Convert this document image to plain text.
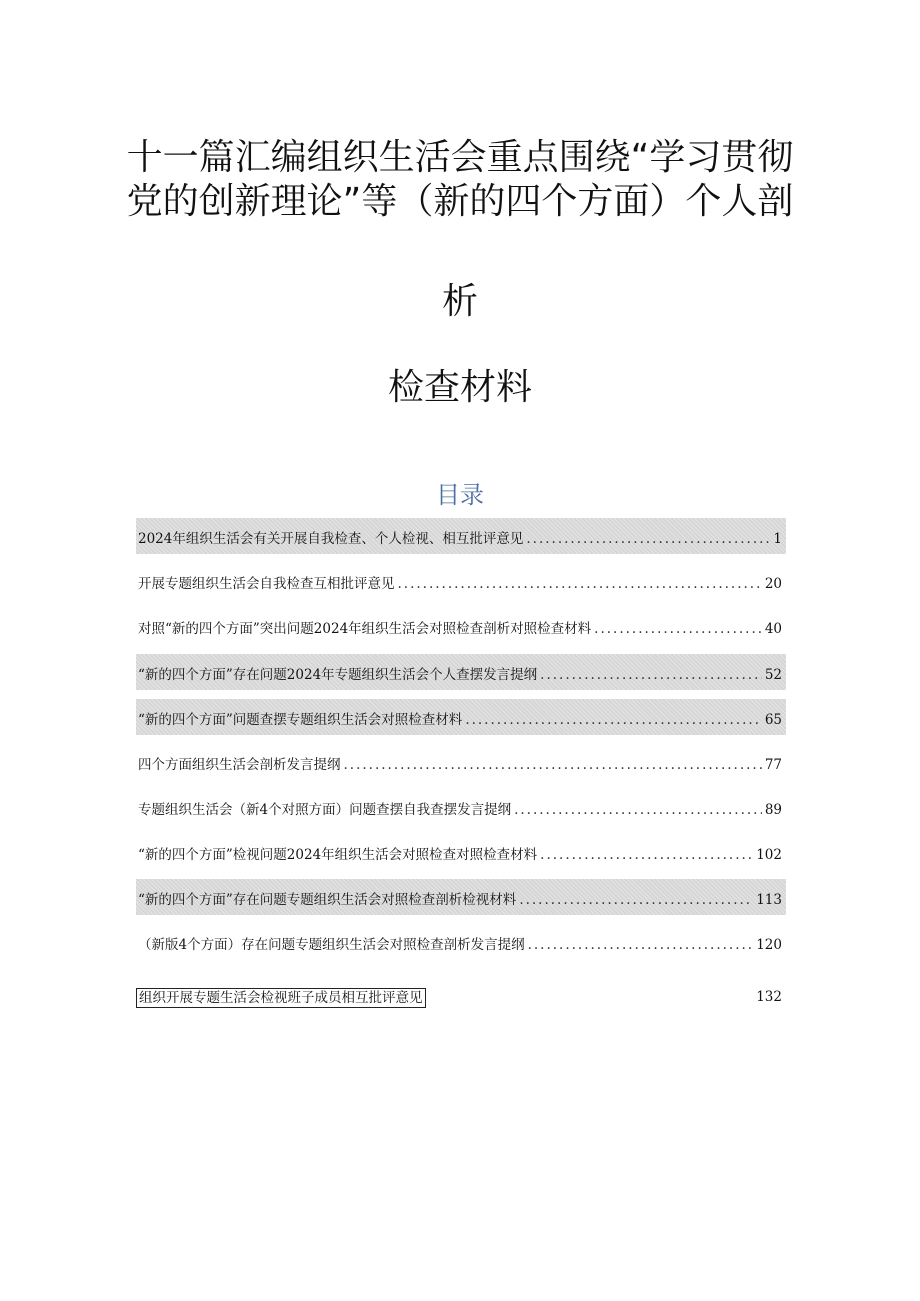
十一篇汇编组织生活会重点围绕“学习贯彻
党的创新理论”等（新的四个方面）个人剖
析
检查材料
目录
2024年组织生活会有关开展自我检查、个人检视、相互批评意见 .....	1
开展专题组织生活会自我检查互相批评意见 .....	20
对照“新的四个方面”突出问题2024年组织生活会对照检查剖析对照检查材料 .....	40
“新的四个方面”存在问题2024年专题组织生活会个人查摆发言提纲 .....	52
“新的四个方面”问题查摆专题组织生活会对照检查材料 .....	65
四个方面组织生活会剖析发言提纲 .....	77
专题组织生活会（新4个对照方面）问题查摆自我查摆发言提纲 .....	89
“新的四个方面”检视问题2024年组织生活会对照检查对照检查材料 .....	102
“新的四个方面”存在问题专题组织生活会对照检查剖析检视材料 .....	113
（新版4个方面）存在问题专题组织生活会对照检查剖析发言提纲 .....	120
组织开展专题生活会检视班子成员相互批评意见	132
